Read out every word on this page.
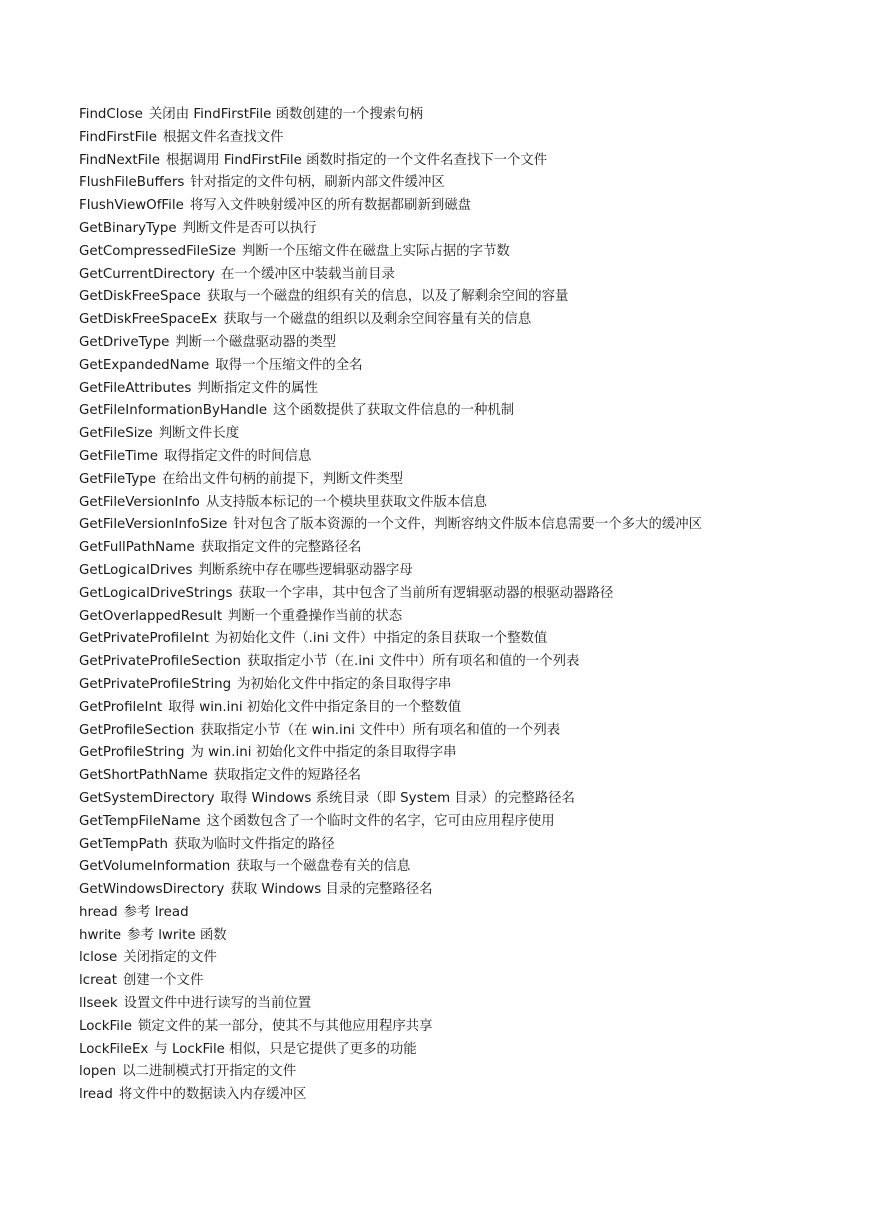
FindClose 关闭由 FindFirstFile 函数创建的一个搜索句柄
FindFirstFile 根据文件名查找文件
FindNextFile 根据调用 FindFirstFile 函数时指定的一个文件名查找下一个文件
FlushFileBuffers 针对指定的文件句柄，刷新内部文件缓冲区
FlushViewOfFile 将写入文件映射缓冲区的所有数据都刷新到磁盘
GetBinaryType 判断文件是否可以执行
GetCompressedFileSize 判断一个压缩文件在磁盘上实际占据的字节数
GetCurrentDirectory 在一个缓冲区中装载当前目录
GetDiskFreeSpace 获取与一个磁盘的组织有关的信息，以及了解剩余空间的容量
GetDiskFreeSpaceEx 获取与一个磁盘的组织以及剩余空间容量有关的信息
GetDriveType 判断一个磁盘驱动器的类型
GetExpandedName 取得一个压缩文件的全名
GetFileAttributes 判断指定文件的属性
GetFileInformationByHandle 这个函数提供了获取文件信息的一种机制
GetFileSize 判断文件长度
GetFileTime 取得指定文件的时间信息
GetFileType 在给出文件句柄的前提下，判断文件类型
GetFileVersionInfo 从支持版本标记的一个模块里获取文件版本信息
GetFileVersionInfoSize 针对包含了版本资源的一个文件，判断容纳文件版本信息需要一个多大的缓冲区
GetFullPathName 获取指定文件的完整路径名
GetLogicalDrives 判断系统中存在哪些逻辑驱动器字母
GetLogicalDriveStrings 获取一个字串，其中包含了当前所有逻辑驱动器的根驱动器路径
GetOverlappedResult 判断一个重叠操作当前的状态
GetPrivateProfileInt 为初始化文件（.ini 文件）中指定的条目获取一个整数值
GetPrivateProfileSection 获取指定小节（在.ini 文件中）所有项名和值的一个列表
GetPrivateProfileString 为初始化文件中指定的条目取得字串
GetProfileInt 取得 win.ini 初始化文件中指定条目的一个整数值
GetProfileSection 获取指定小节（在 win.ini 文件中）所有项名和值的一个列表
GetProfileString 为 win.ini 初始化文件中指定的条目取得字串
GetShortPathName 获取指定文件的短路径名
GetSystemDirectory 取得 Windows 系统目录（即 System 目录）的完整路径名
GetTempFileName 这个函数包含了一个临时文件的名字，它可由应用程序使用
GetTempPath 获取为临时文件指定的路径
GetVolumeInformation 获取与一个磁盘卷有关的信息
GetWindowsDirectory 获取 Windows 目录的完整路径名
hread 参考 lread
hwrite 参考 lwrite 函数
lclose 关闭指定的文件
lcreat 创建一个文件
llseek 设置文件中进行读写的当前位置
LockFile 锁定文件的某一部分，使其不与其他应用程序共享
LockFileEx 与 LockFile 相似，只是它提供了更多的功能
lopen 以二进制模式打开指定的文件
lread 将文件中的数据读入内存缓冲区
